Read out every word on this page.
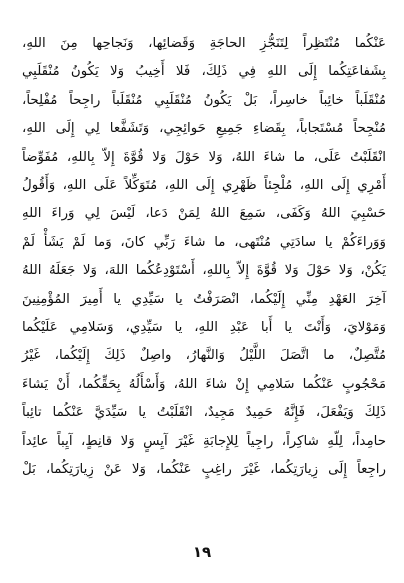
عَنْكُما مُنْتَظِراً لِتَنَجُّزِ الحاجَةِ وَقَضائِها، وَنَجاحِها مِنَ اللهِ،
بِشَفاعَتِكُما إِلَى اللهِ فِي ذَلِكَ، فَلا أَخِيبُ وَلا يَكُونُ مُنْقَلَبِي
مُنْقَلَباً خائِباً خاسِراً، بَلْ يَكُونُ مُنْقَلَبِي مُنْقَلَباً راجِحاً مُفْلِحاً،
مُنْجِحاً مُسْتَجاباً، بِقَضاءِ جَمِيعِ حَوائِجِي، وَتَشَفَّعا لِي إِلَى اللهِ،
انْقَلَبْتُ عَلَى، ما شاءَ اللهُ، وَلا حَوْلَ وَلا قُوَّةَ إِلاّ بِاللهِ، مُفَوِّضاً
أَمْرِي إِلَى اللهِ، مُلْجِئاً ظَهْرِي إِلَى اللهِ، مُتَوَكِّلاً عَلَى اللهِ، وَأَقُولُ
حَسْبِيَ اللهُ وَكَفَى، سَمِعَ اللهُ لِمَنْ دَعا، لَيْسَ لِي وَراءَ اللهِ
وَوَراءَكُمْ يا سادَتِي مُنْتَهى، ما شاءَ رَبِّي كانَ، وَما لَمْ يَشَأْ لَمْ
يَكُنْ، وَلا حَوْلَ وَلا قُوَّةَ إِلاّ بِاللهِ، أَسْتَوْدِعُكُما اللهَ، وَلا جَعَلَهُ اللهُ
آخِرَ العَهْدِ مِنِّي إِلَيْكُما، انْصَرَفْتُ يا سَيِّدِي يا أَمِيرَ المُؤْمِنِينَ
وَمَوْلايَ، وَأَنْتَ يا أَبا عَبْدِ اللهِ، يا سَيِّدِي، وَسَلامِي عَلَيْكُما
مُتَّصِلٌ، ما اتَّصَلَ اللَّيْلُ وَالنَّهارُ، واصِلٌ ذَلِكَ إِلَيْكُما، غَيْرُ
مَحْجُوبٍ عَنْكُما سَلامِي إِنْ شاءَ اللهُ، وَأَسْأَلُهُ بِحَقِّكُما، أَنْ يَشاءَ
ذَلِكَ وَيَفْعَلَ، فَإِنَّهُ حَمِيدٌ مَجِيدٌ، انْقَلَبْتُ يا سَيِّدَيَّ عَنْكُما تائِباً
حامِداً، لِلّهِ شاكِراً، راجِياً لِلإِجابَةِ غَيْرَ آيِسٍ وَلا قانِطٍ، آيِباً عائِداً
راجِعاً إِلَى زِيارَتِكُما، غَيْرَ راغِبٍ عَنْكُما، وَلا عَنْ زِيارَتِكُما، بَلْ
١٩
